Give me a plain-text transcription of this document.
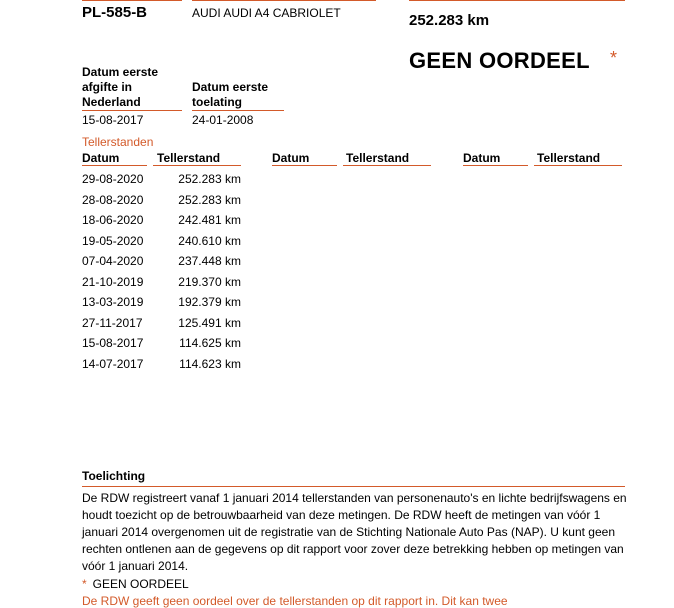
PL-585-B	AUDI AUDI A4 CABRIOLET	252.283 km
GEEN OORDEEL *
Datum eerste
afgifte in
Nederland
15-08-2017
Datum eerste
toelating
24-01-2008
Tellerstanden
Datum	Tellerstand	Datum	Tellerstand	Datum	Tellerstand
29-08-2020	252.283 km
28-08-2020	252.283 km
18-06-2020	242.481 km
19-05-2020	240.610 km
07-04-2020	237.448 km
21-10-2019	219.370 km
13-03-2019	192.379 km
27-11-2017	125.491 km
15-08-2017	114.625 km
14-07-2017	114.623 km
Toelichting
De RDW registreert vanaf 1 januari 2014 tellerstanden van personenauto's en lichte bedrijfswagens en houdt toezicht op de betrouwbaarheid van deze metingen. De RDW heeft de metingen van vóór 1 januari 2014 overgenomen uit de registratie van de Stichting Nationale Auto Pas (NAP). U kunt geen rechten ontlenen aan de gegevens op dit rapport voor zover deze betrekking hebben op metingen van vóór 1 januari 2014.
* GEEN OORDEEL
De RDW geeft geen oordeel over de tellerstanden op dit rapport in. Dit kan twee
